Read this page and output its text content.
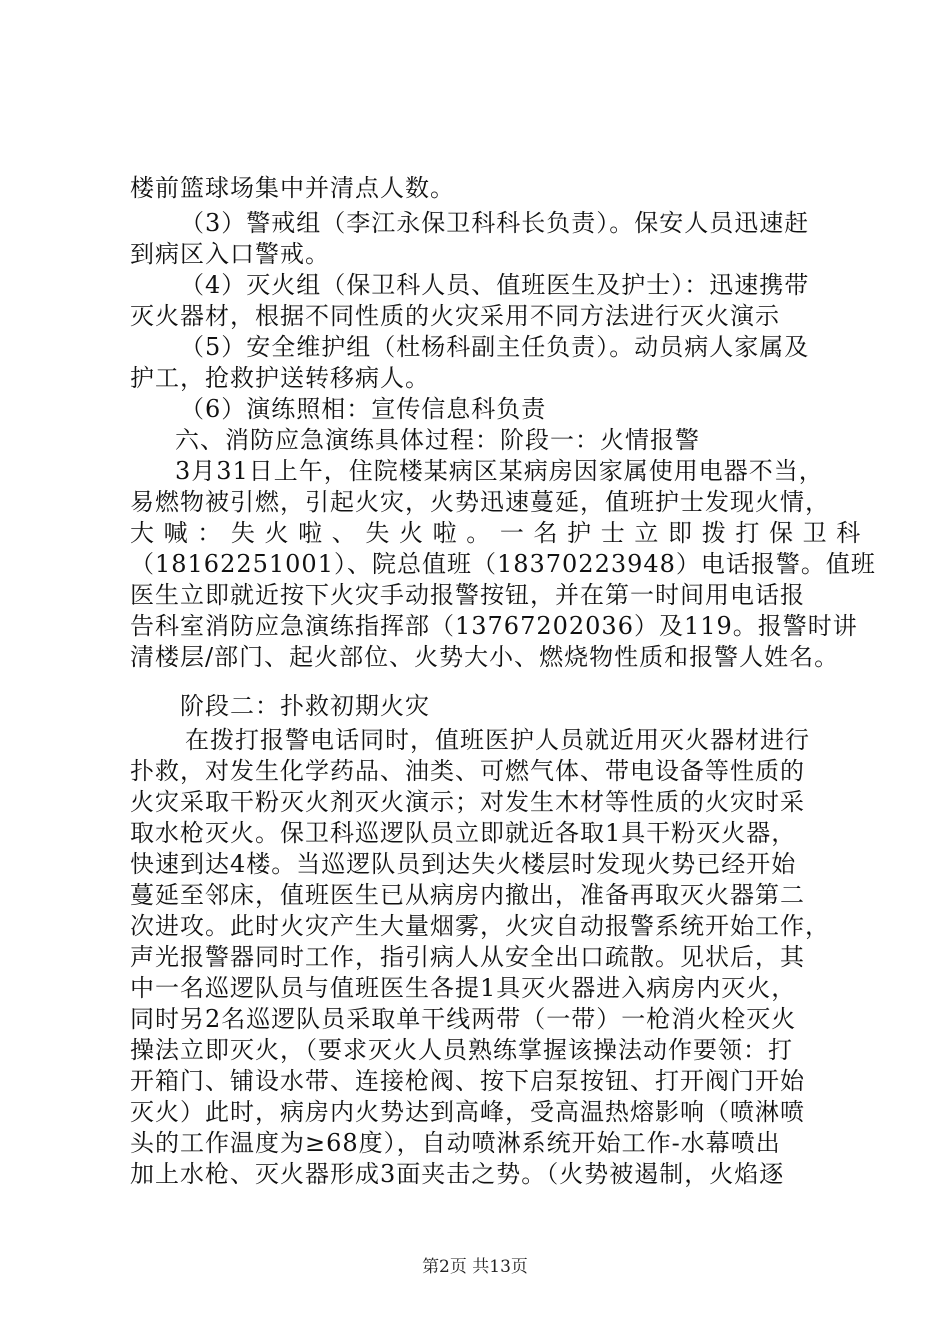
楼前篮球场集中并清点人数。
（3）警戒组（李江永保卫科科长负责）。保安人员迅速赶
到病区入口警戒。
（4）灭火组（保卫科人员、值班医生及护士）：迅速携带
灭火器材，根据不同性质的火灾采用不同方法进行灭火演示
（5）安全维护组（杜杨科副主任负责）。动员病人家属及
护工，抢救护送转移病人。
（6）演练照相：宣传信息科负责
六、消防应急演练具体过程：阶段一：火情报警
3月31日上午，住院楼某病区某病房因家属使用电器不当，
易燃物被引燃，引起火灾，火势迅速蔓延，值班护士发现火情，
大 喊 ： 失 火 啦 、 失 火 啦 。 一 名 护 士 立 即 拨 打 保 卫 科
（18162251001）、院总值班（18370223948）电话报警。值班
医生立即就近按下火灾手动报警按钮，并在第一时间用电话报
告科室消防应急演练指挥部（13767202036）及119。报警时讲
清楼层/部门、起火部位、火势大小、燃烧物性质和报警人姓名。
阶段二：扑救初期火灾
在拨打报警电话同时，值班医护人员就近用灭火器材进行
扑救，对发生化学药品、油类、可燃气体、带电设备等性质的
火灾采取干粉灭火剂灭火演示；对发生木材等性质的火灾时采
取水枪灭火。保卫科巡逻队员立即就近各取1具干粉灭火器，
快速到达4楼。当巡逻队员到达失火楼层时发现火势已经开始
蔓延至邻床，值班医生已从病房内撤出，准备再取灭火器第二
次进攻。此时火灾产生大量烟雾，火灾自动报警系统开始工作，
声光报警器同时工作，指引病人从安全出口疏散。见状后，其
中一名巡逻队员与值班医生各提1具灭火器进入病房内灭火，
同时另2名巡逻队员采取单干线两带（一带）一枪消火栓灭火
操法立即灭火，（要求灭火人员熟练掌握该操法动作要领：打
开箱门、铺设水带、连接枪阀、按下启泵按钮、打开阀门开始
灭火）此时，病房内火势达到高峰，受高温热熔影响（喷淋喷
头的工作温度为≥68度），自动喷淋系统开始工作-水幕喷出
加上水枪、灭火器形成3面夹击之势。（火势被遏制，火焰逐
第2页 共13页
